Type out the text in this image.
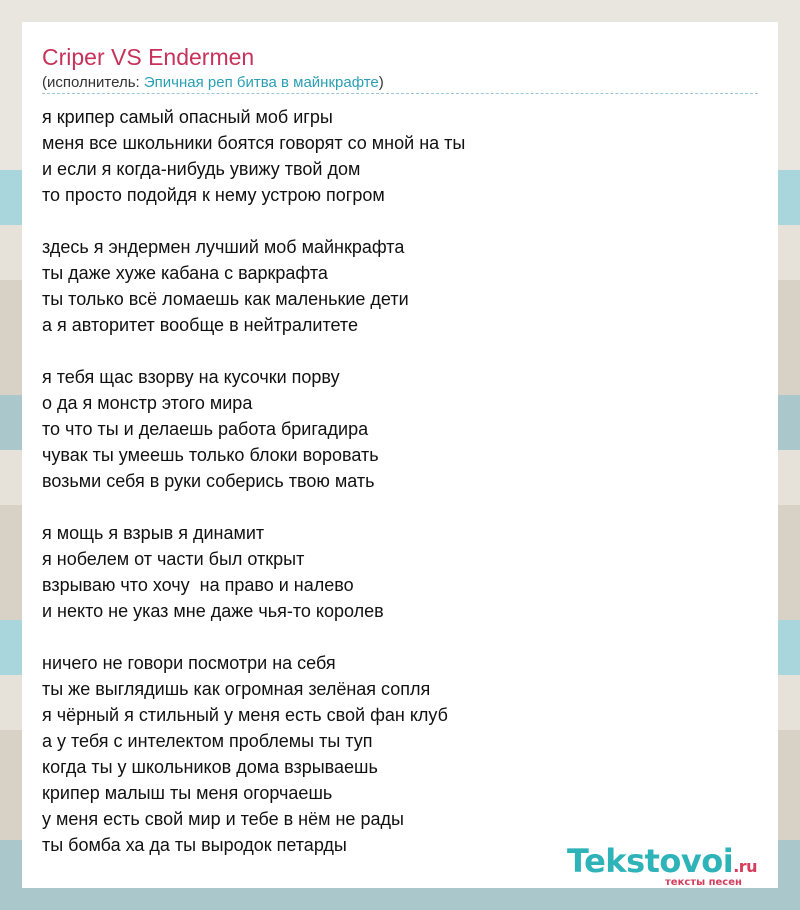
Criper VS Endermen
(исполнитель: Эпичная реп битва в майнкрафте)
я крипер самый опасный моб игры
меня все школьники боятся говорят со мной на ты
и если я когда-нибудь увижу твой дом
то просто подойдя к нему устрою погром
здесь я эндермен лучший моб майнкрафта
ты даже хуже кабана с варкрафта
ты только всё ломаешь как маленькие дети
а я авторитет вообще в нейтралитете
я тебя щас взорву на кусочки порву
о да я монстр этого мира
то что ты и делаешь работа бригадира
чувак ты умеешь только блоки воровать
возьми себя в руки соберись твою мать
я мощь я взрыв я динамит
я нобелем от части был открыт
взрываю что хочу  на право и налево
и некто не указ мне даже чья-то королев
ничего не говори посмотри на себя
ты же выглядишь как огромная зелёная сопля
я чёрный я стильный у меня есть свой фан клуб
а у тебя с интелектом проблемы ты туп
когда ты у школьников дома взрываешь
крипер малыш ты меня огорчаешь
у меня есть свой мир и тебе в нём не рады
ты бомба ха да ты выродок петарды	Tekstovoi.ru
тексты песен
